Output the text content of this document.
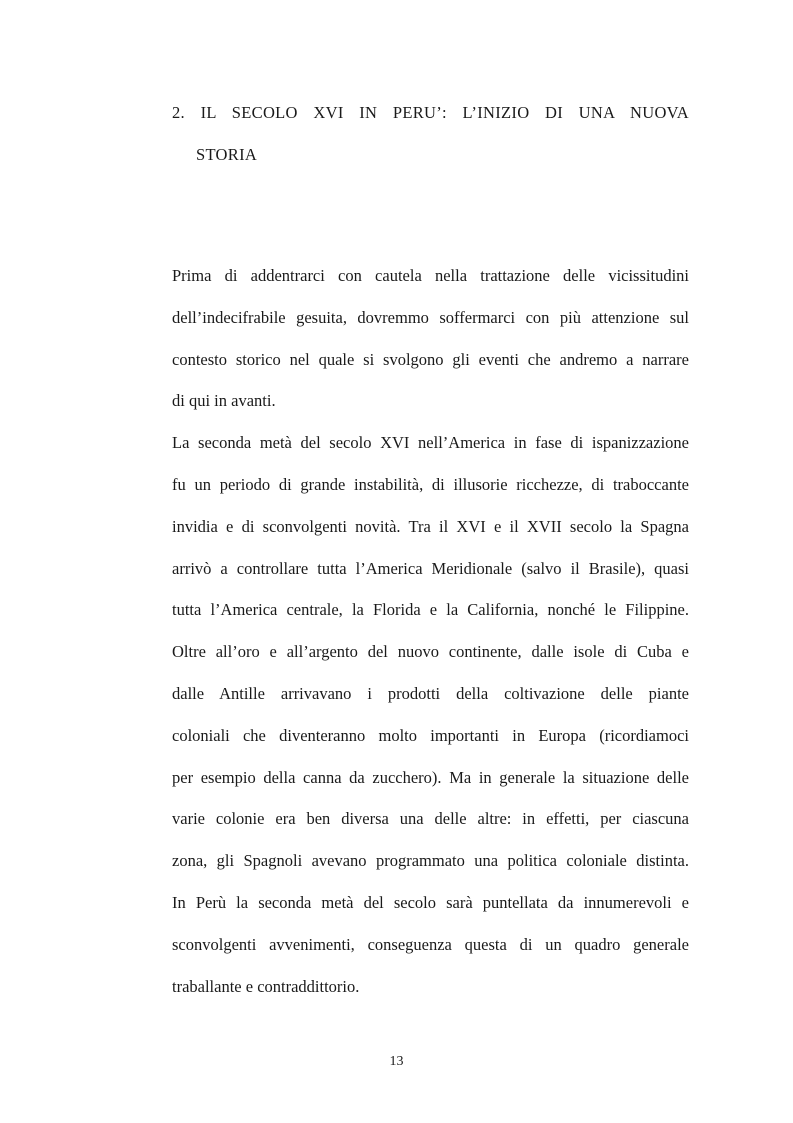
2. IL SECOLO XVI IN PERU’: L’INIZIO DI UNA NUOVA
STORIA
Prima di addentrarci con cautela nella trattazione delle vicissitudini
dell’indecifrabile gesuita, dovremmo soffermarci con più attenzione sul
contesto storico nel quale si svolgono gli eventi che andremo a narrare
di qui in avanti.
La seconda metà del secolo XVI nell’America in fase di ispanizzazione
fu un periodo di grande instabilità, di illusorie ricchezze, di traboccante
invidia e di sconvolgenti novità. Tra il XVI e il XVII secolo la Spagna
arrivò a controllare tutta l’America Meridionale (salvo il Brasile), quasi
tutta l’America centrale, la Florida e la California, nonché le Filippine.
Oltre all’oro e all’argento del nuovo continente, dalle isole di Cuba e
dalle Antille arrivavano i prodotti della coltivazione delle piante
coloniali che diventeranno molto importanti in Europa (ricordiamoci
per esempio della canna da zucchero). Ma in generale la situazione delle
varie colonie era ben diversa una delle altre: in effetti, per ciascuna
zona, gli Spagnoli avevano programmato una politica coloniale distinta.
In Perù la seconda metà del secolo sarà puntellata da innumerevoli e
sconvolgenti avvenimenti, conseguenza questa di un quadro generale
traballante e contraddittorio.
13
